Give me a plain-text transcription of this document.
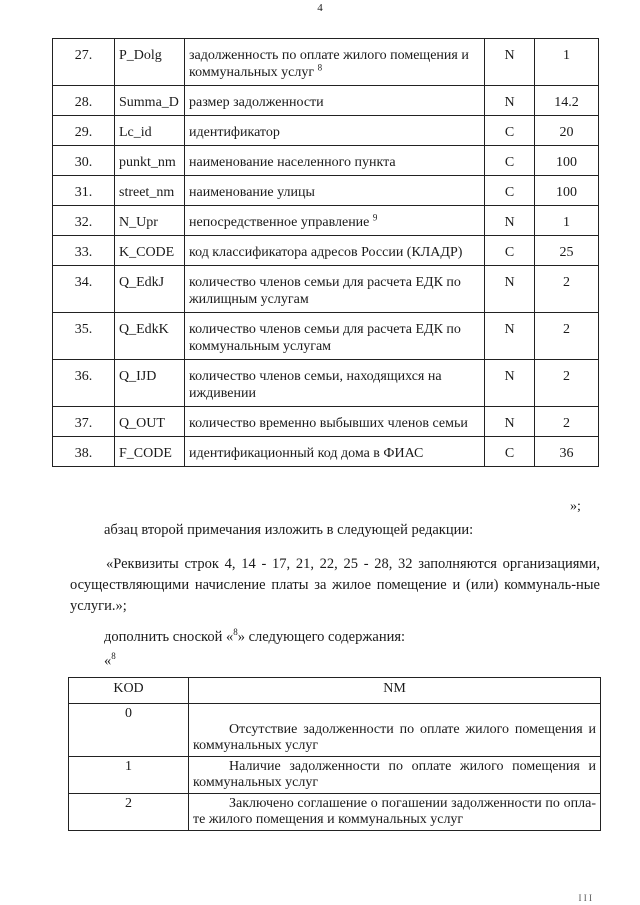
4
27.	P_Dolg	задолженность по оплате жилого помещения и коммунальных услуг $^8$	N	1
28.	Summa_D	размер задолженности	N	14.2
29.	Lc_id	идентификатор	C	20
30.	punkt_nm	наименование населенного пункта	C	100
31.	street_nm	наименование улицы	C	100
32.	N_Upr	непосредственное управление $^9$	N	1
33.	K_CODE	код классификатора адресов России (КЛАДР)	C	25
34.	Q_EdkJ	количество членов семьи для расчета ЕДК по жилищным услугам	N	2
35.	Q_EdkK	количество членов семьи для расчета ЕДК по коммунальным услугам	N	2
36.	Q_IJD	количество членов семьи, находящихся на иждивении	N	2
37.	Q_OUT	количество временно выбывших членов семьи	N	2
38.	F_CODE	идентификационный код дома в ФИАС	C	36
»;
абзац второй примечания изложить в следующей редакции:
«Реквизиты строк 4, 14 - 17, 21, 22, 25 - 28, 32 заполняются организациями, осуществляющими начисление платы за жилое помещение и (или) коммуналь-ные услуги.»;
дополнить сноской «$^8$» следующего содержания:
«$^8$
KOD	NM
0	Отсутствие задолженности по оплате жилого помещения и коммунальных услуг
1	Наличие задолженности по оплате жилого помещения и коммунальных услуг
2	Заключено соглашение о погашении задолженности по опла-те жилого помещения и коммунальных услуг
I I I
